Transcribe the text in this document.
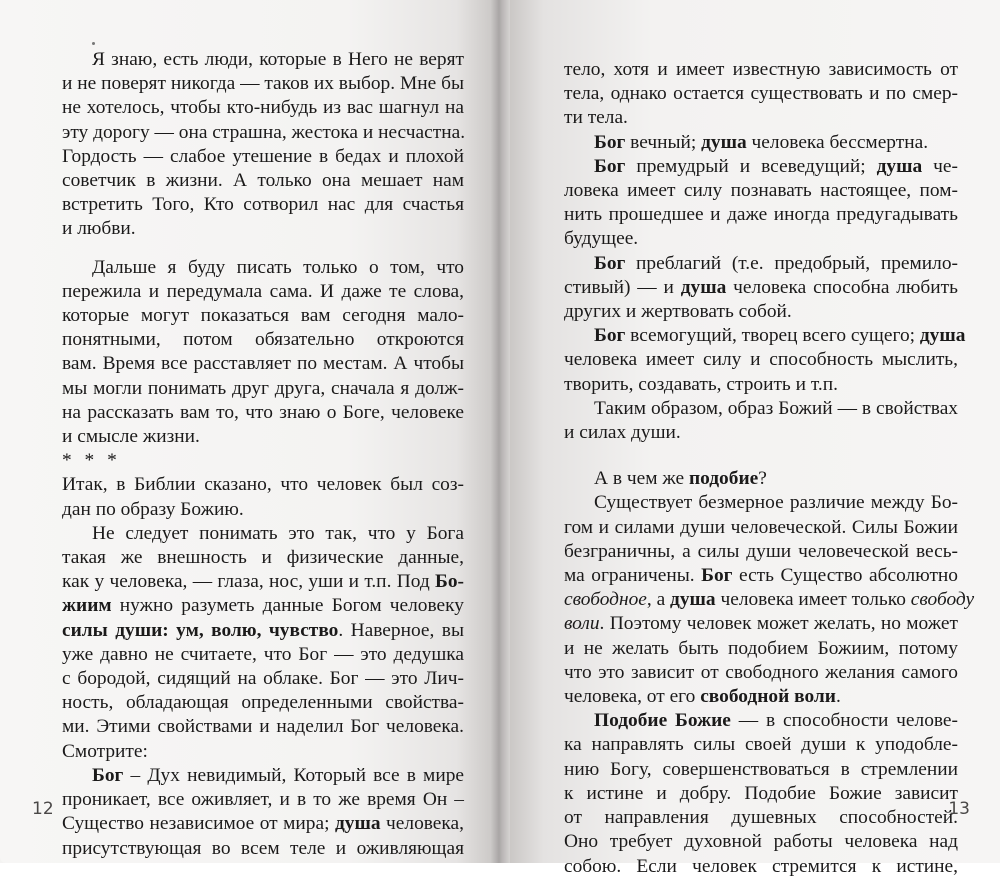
Я знаю, есть люди, которые в Него не верят
и не поверят никогда — таков их выбор. Мне бы
не хотелось, чтобы кто-нибудь из вас шагнул на
эту дорогу — она страшна, жестока и несчастна.
Гордость — слабое утешение в бедах и плохой
советчик в жизни. А только она мешает нам
встретить Того, Кто сотворил нас для счастья
и любви.
Дальше я буду писать только о том, что
пережила и передумала сама. И даже те слова,
которые могут показаться вам сегодня мало-
понятными, потом обязательно откроются
вам. Время все расставляет по местам. А чтобы
мы могли понимать друг друга, сначала я долж-
на рассказать вам то, что знаю о Боге, человеке
и смысле жизни.
* * *
Итак, в Библии сказано, что человек был соз-
дан по образу Божию.
Не следует понимать это так, что у Бога
такая же внешность и физические данные,
как у человека, — глаза, нос, уши и т.п. Под Бо-
жиим нужно разуметь данные Богом человеку
силы души: ум, волю, чувство. Наверное, вы
уже давно не считаете, что Бог — это дедушка
с бородой, сидящий на облаке. Бог — это Лич-
ность, обладающая определенными свойства-
ми. Этими свойствами и наделил Бог человека.
Смотрите:
Бог – Дух невидимый, Который все в мире
проникает, все оживляет, и в то же время Он –
Существо независимое от мира; душа человека,
присутствующая во всем теле и оживляющая
12
тело, хотя и имеет известную зависимость от
тела, однако остается существовать и по смер-
ти тела.
Бог вечный; душа человека бессмертна.
Бог премудрый и всеведущий; душа че-
ловека имеет силу познавать настоящее, пом-
нить прошедшее и даже иногда предугадывать
будущее.
Бог преблагий (т.е. предобрый, премило-
стивый) — и душа человека способна любить
других и жертвовать собой.
Бог всемогущий, творец всего сущего; душа
человека имеет силу и способность мыслить,
творить, создавать, строить и т.п.
Таким образом, образ Божий — в свойствах
и силах души.
А в чем же подобие?
Существует безмерное различие между Бо-
гом и силами души человеческой. Силы Божии
безграничны, а силы души человеческой весь-
ма ограничены. Бог есть Существо абсолютно
свободное, а душа человека имеет только свободу
воли. Поэтому человек может желать, но может
и не желать быть подобием Божиим, потому
что это зависит от свободного желания самого
человека, от его свободной воли.
Подобие Божие — в способности челове-
ка направлять силы своей души к уподобле-
нию Богу, совершенствоваться в стремлении
к истине и добру. Подобие Божие зависит
от направления душевных способностей.
Оно требует духовной работы человека над
собою. Если человек стремится к истине,
13
